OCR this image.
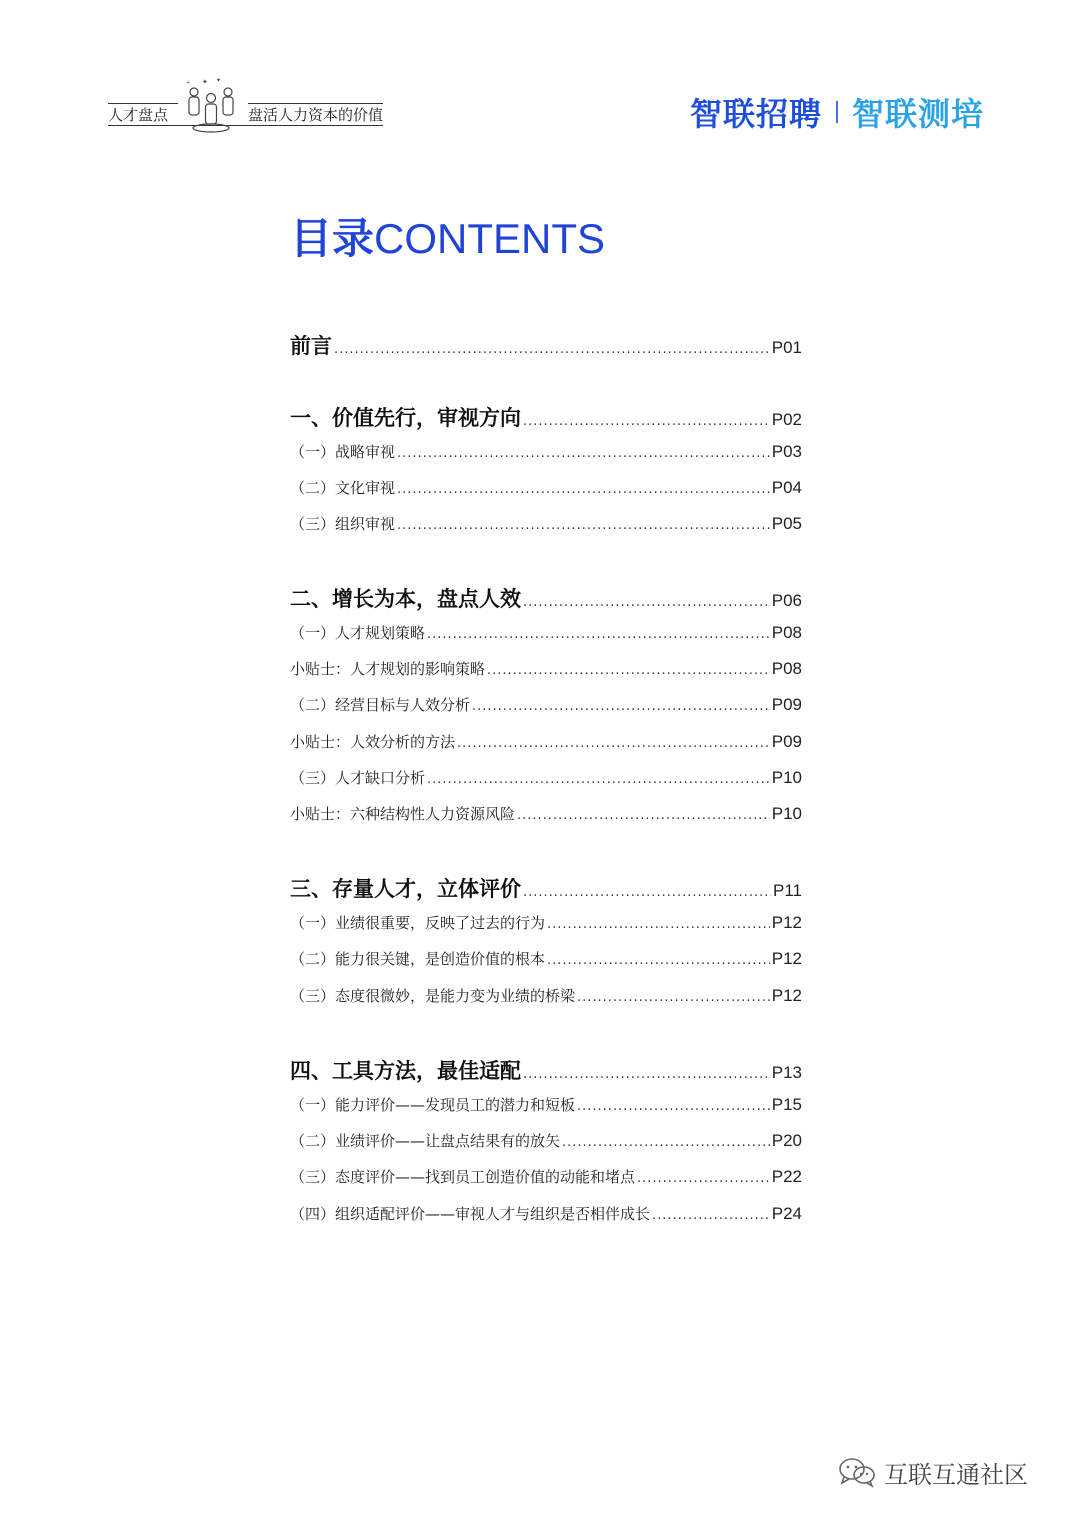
人才盘点	盘活人力资本的价值
✦ ✦
+
智联招聘 智联测培
目录CONTENTS
前言 .....	P01
一、价值先行，审视方向 .....	P02
（一）战略审视 .....	P03
（二）文化审视 .....	P04
（三）组织审视 .....	P05
二、增长为本，盘点人效 .....	P06
（一）人才规划策略 .....	P08
小贴士：人才规划的影响策略 .....	P08
（二）经营目标与人效分析 .....	P09
小贴士：人效分析的方法 .....	P09
（三）人才缺口分析 .....	P10
小贴士：六种结构性人力资源风险 .....	P10
三、存量人才，立体评价 .....	P11
（一）业绩很重要，反映了过去的行为 .....	P12
（二）能力很关键，是创造价值的根本 .....	P12
（三）态度很微妙，是能力变为业绩的桥梁 .....	P12
四、工具方法，最佳适配 .....	P13
（一）能力评价——发现员工的潜力和短板 .....	P15
（二）业绩评价——让盘点结果有的放矢 .....	P20
（三）态度评价——找到员工创造价值的动能和堵点 .....	P22
（四）组织适配评价——审视人才与组织是否相伴成长 .....	P24
互联互通社区
